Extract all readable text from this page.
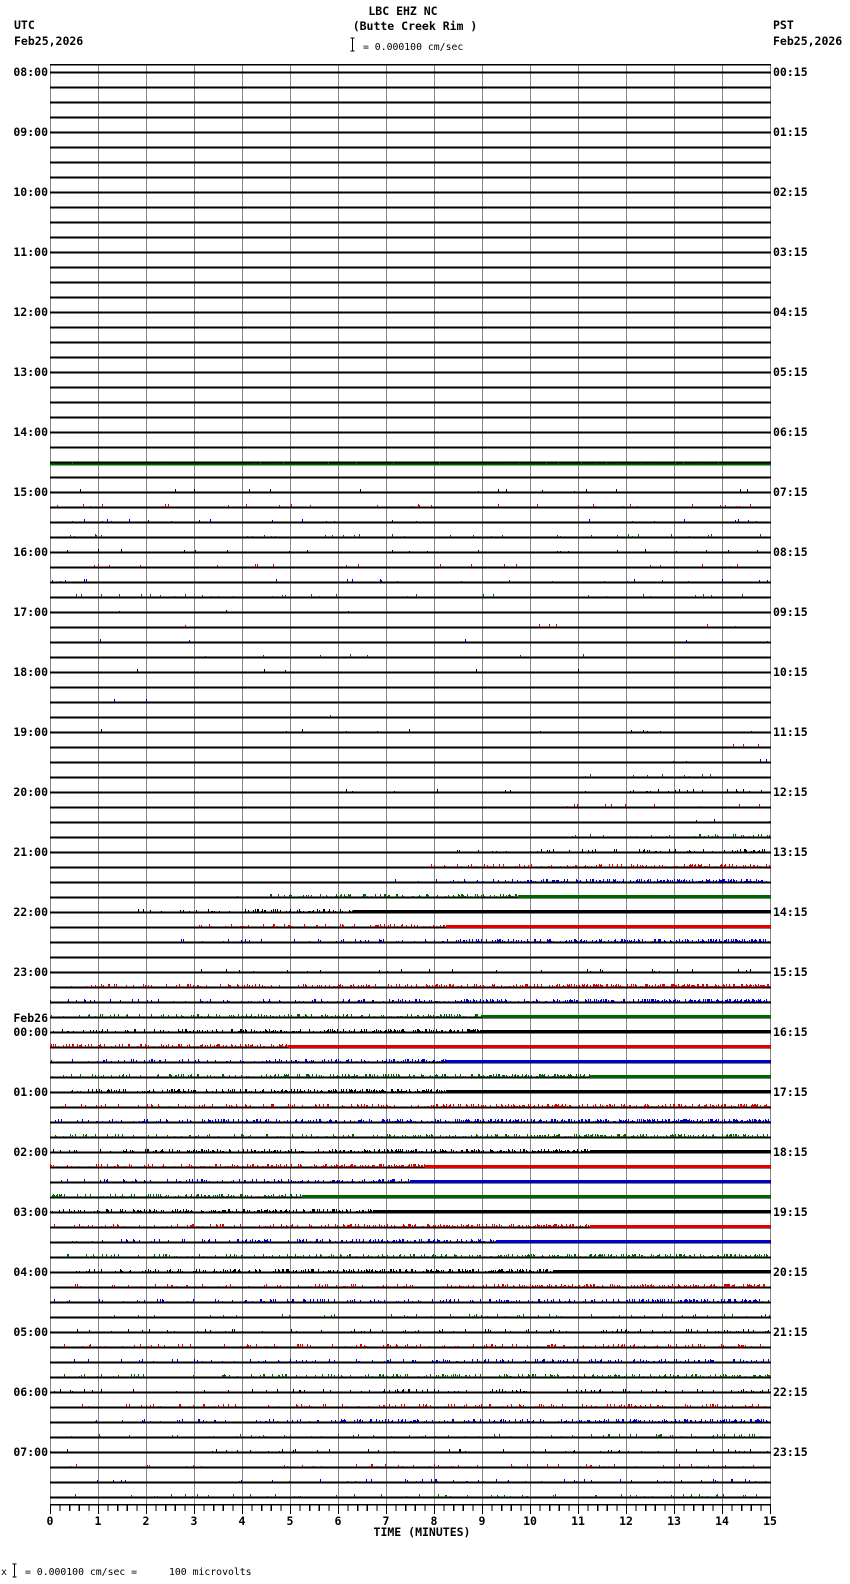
UTC
Feb25,2026
LBC EHZ NC
(Butte Creek Rim )
= 0.000100 cm/sec
PST
Feb25,2026
08:00	00:15
09:00	01:15
10:00	02:15
11:00	03:15
12:00	04:15
13:00	05:15
14:00	06:15
15:00	07:15
16:00	08:15
17:00	09:15
18:00	10:15
19:00	11:15
20:00	12:15
21:00	13:15
22:00	14:15
23:00	15:15
00:00	16:15
01:00	17:15
02:00	18:15
03:00	19:15
04:00	20:15
05:00	21:15
06:00	22:15
07:00	23:15
Feb26
0	1	2	3	4	5	6	7	8	9	10	11	12	13	14	15
TIME (MINUTES)
x = 0.000100 cm/sec =	100 microvolts
